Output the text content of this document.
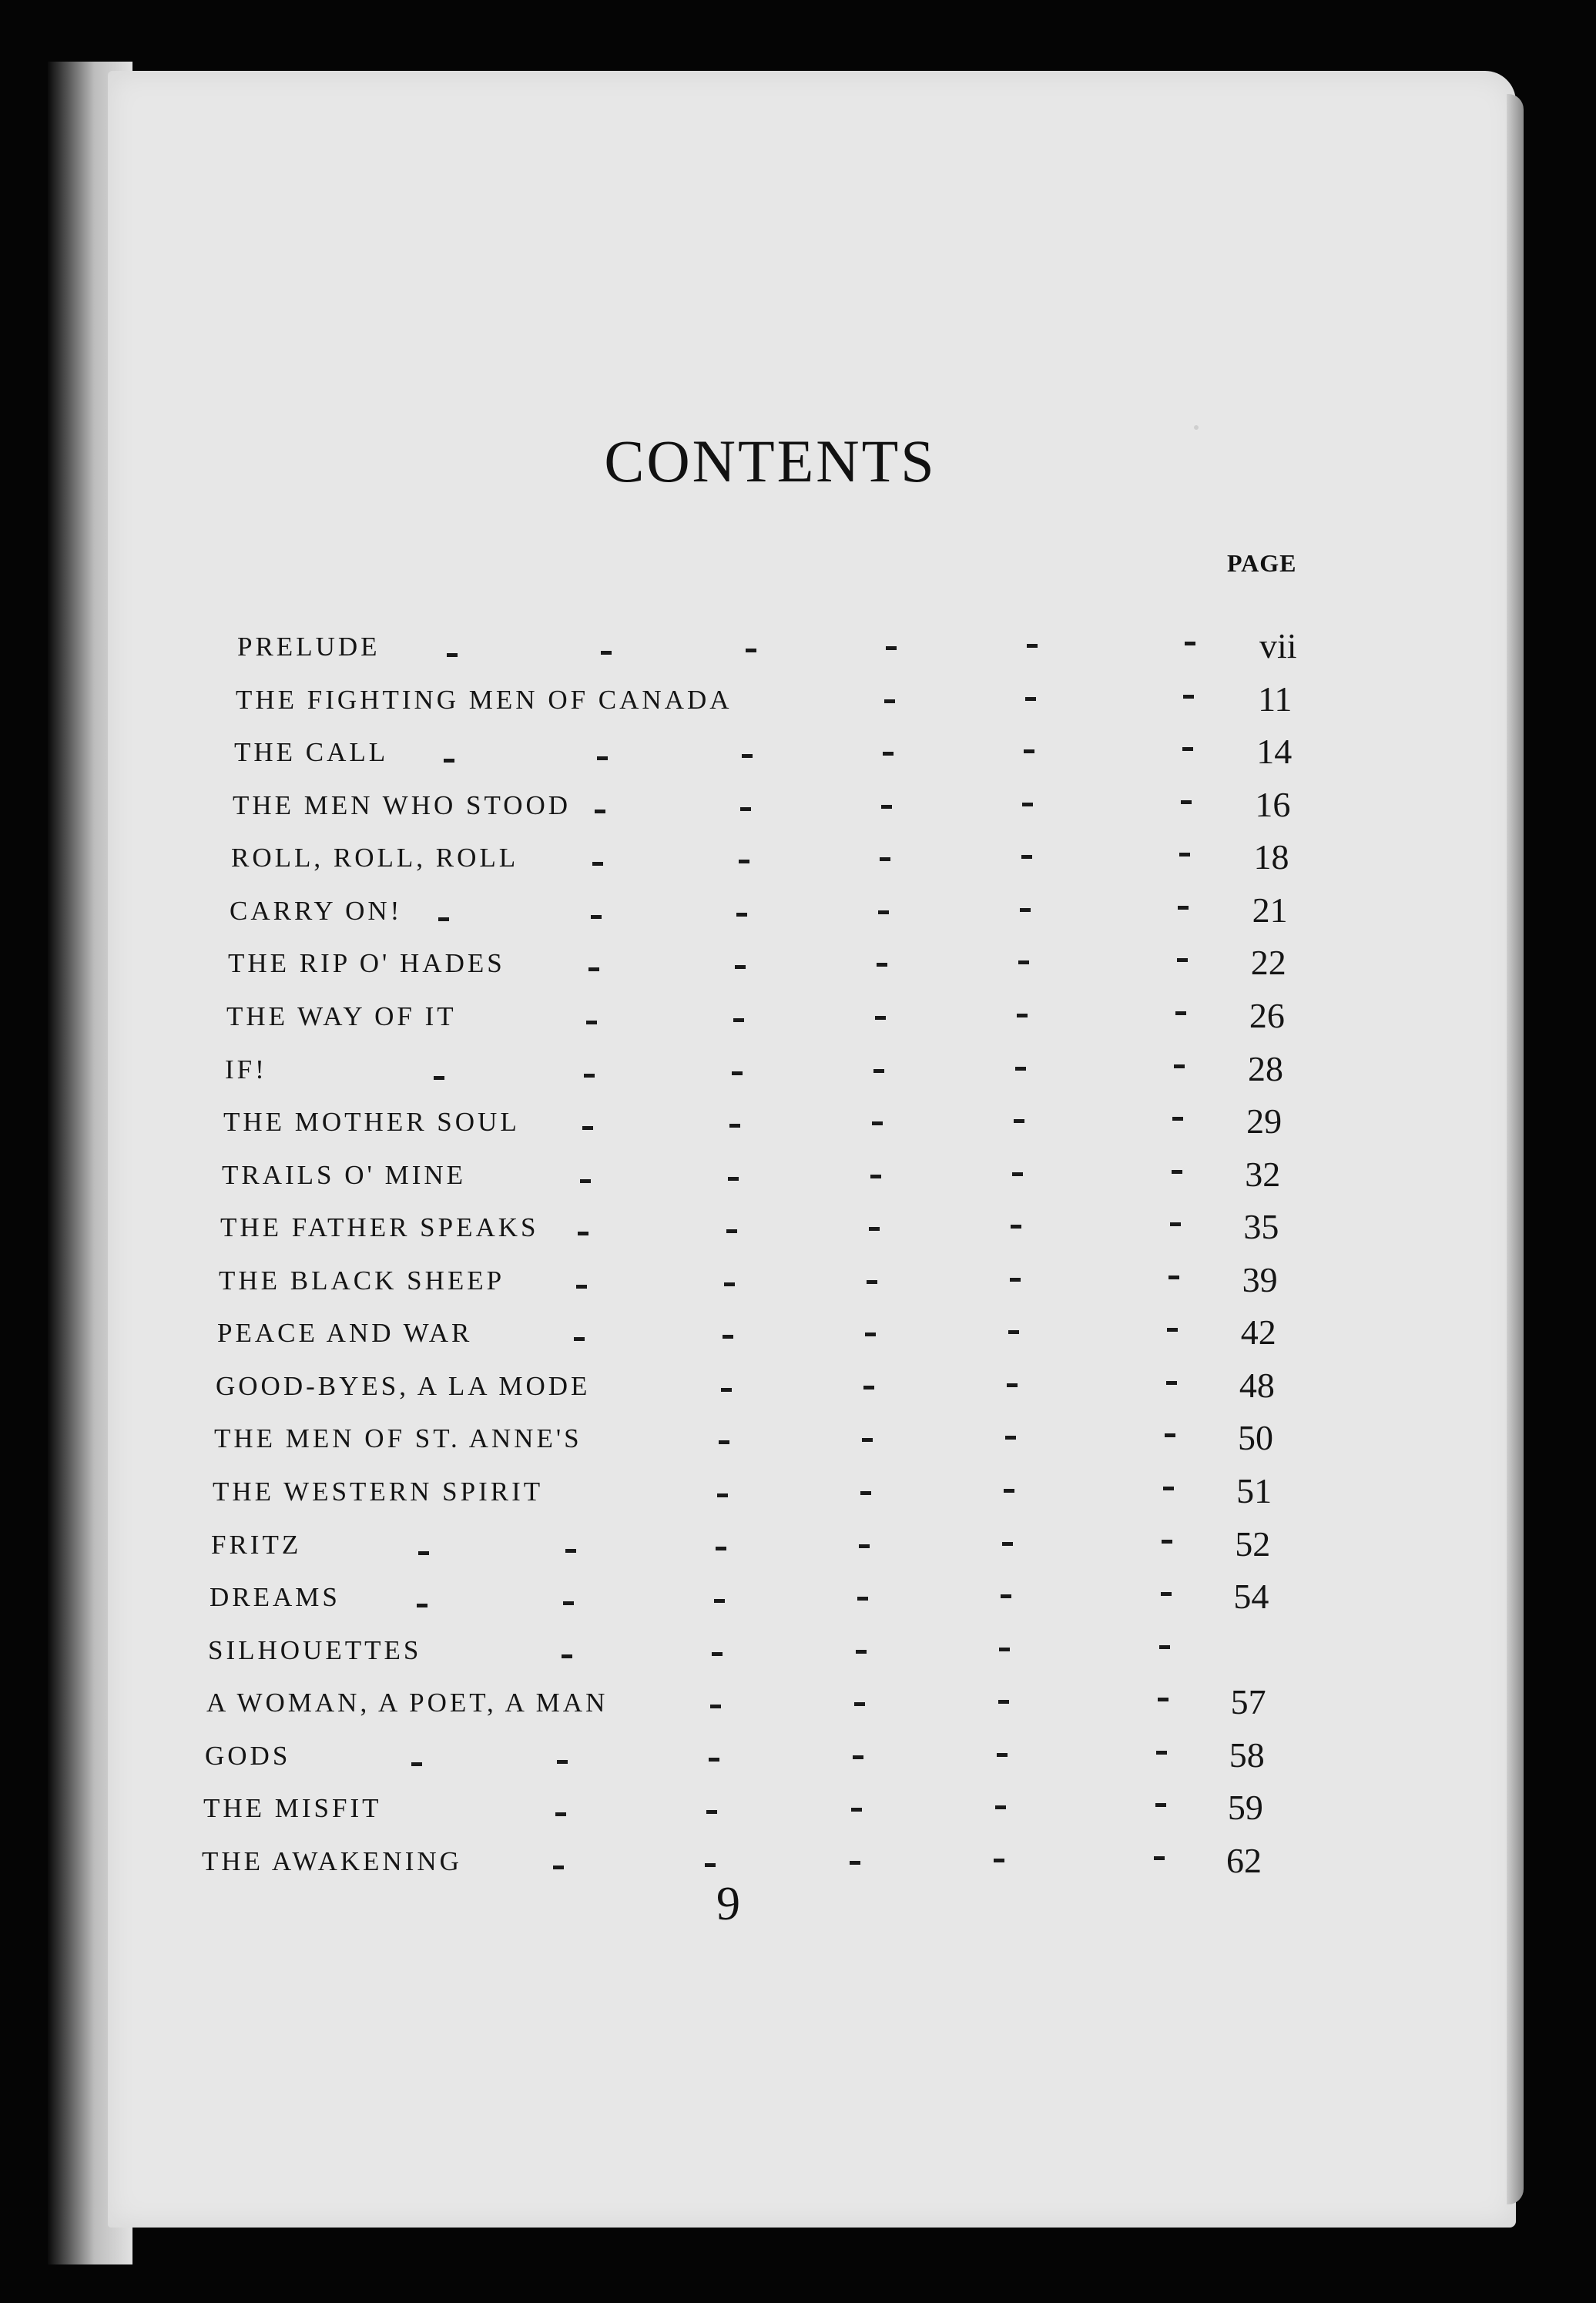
CONTENTS
PAGE
PRELUDE	vii
THE FIGHTING MEN OF CANADA	11
THE CALL	14
THE MEN WHO STOOD	16
ROLL, ROLL, ROLL	18
CARRY ON!	21
THE RIP O' HADES	22
THE WAY OF IT	26
IF!	28
THE MOTHER SOUL	29
TRAILS O' MINE	32
THE FATHER SPEAKS	35
THE BLACK SHEEP	39
PEACE AND WAR	42
GOOD-BYES, A LA MODE	48
THE MEN OF ST. ANNE'S	50
THE WESTERN SPIRIT	51
FRITZ	52
DREAMS	54
SILHOUETTES
A WOMAN, A POET, A MAN	57
GODS	58
THE MISFIT	59
THE AWAKENING	62
9
